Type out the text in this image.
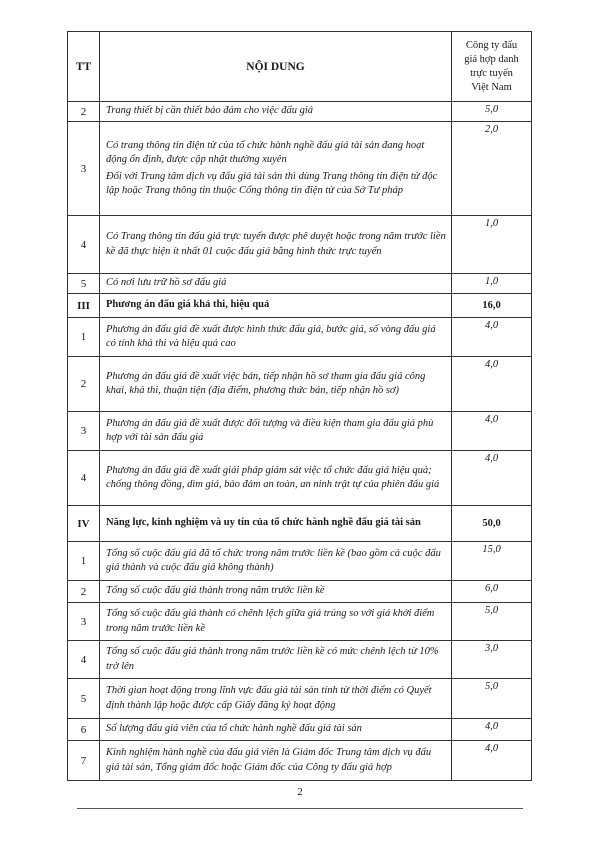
TT	NỘI DUNG	Công ty đấu
giá hợp danh
trực tuyến
Việt Nam

2	Trang thiết bị cần thiết bảo đảm cho việc đấu giá	5,0
3	Có trang thông tin điện tử của tổ chức hành nghề đấu giá tài sản đang hoạt động ổn định, được cập nhật thường xuyên

Đối với Trung tâm dịch vụ đấu giá tài sản thì dùng Trang thông tin điện tử độc lập hoặc Trang thông tin thuộc Cổng thông tin điện tử của Sở Tư pháp	2,0
4	Có Trang thông tin đấu giá trực tuyến được phê duyệt hoặc trong năm trước liền kề đã thực hiện ít nhất 01 cuộc đấu giá bằng hình thức trực tuyến	1,0
5	Có nơi lưu trữ hồ sơ đấu giá	1,0
III	Phương án đấu giá khả thi, hiệu quả	16,0
1	Phương án đấu giá đề xuất được hình thức đấu giá, bước giá, số vòng đấu giá có tính khả thi và hiệu quả cao	4,0
2	Phương án đấu giá đề xuất việc bán, tiếp nhận hồ sơ tham gia đấu giá công khai, khả thi, thuận tiện (địa điểm, phương thức bán, tiếp nhận hồ sơ)	4,0
3	Phương án đấu giá đề xuất được đối tượng và điều kiện tham gia đấu giá phù hợp với tài sản đấu giá	4,0
4	Phương án đấu giá đề xuất giải pháp giám sát việc tổ chức đấu giá hiệu quả; chống thông đồng, dìm giá, bảo đảm an toàn, an ninh trật tự của phiên đấu giá	4,0
IV	Năng lực, kinh nghiệm và uy tín của tổ chức hành nghề đấu giá tài sản	50,0
1	Tổng số cuộc đấu giá đã tổ chức trong năm trước liền kề (bao gồm cả cuộc đấu giá thành và cuộc đấu giá không thành)	15,0
2	Tổng số cuộc đấu giá thành trong năm trước liền kề	6,0
3	Tổng số cuộc đấu giá thành có chênh lệch giữa giá trúng so với giá khởi điểm trong năm trước liền kề	5,0
4	Tổng số cuộc đấu giá thành trong năm trước liền kề có mức chênh lệch từ 10% trở lên	3,0
5	Thời gian hoạt động trong lĩnh vực đấu giá tài sản tính từ thời điểm có Quyết định thành lập hoặc được cấp Giấy đăng ký hoạt động	5,0
6	Số lượng đấu giá viên của tổ chức hành nghề đấu giá tài sản	4,0
7	Kinh nghiệm hành nghề của đấu giá viên là Giám đốc Trung tâm dịch vụ đấu giá tài sản, Tổng giám đốc hoặc Giám đốc của Công ty đấu giá hợp	4,0
2
